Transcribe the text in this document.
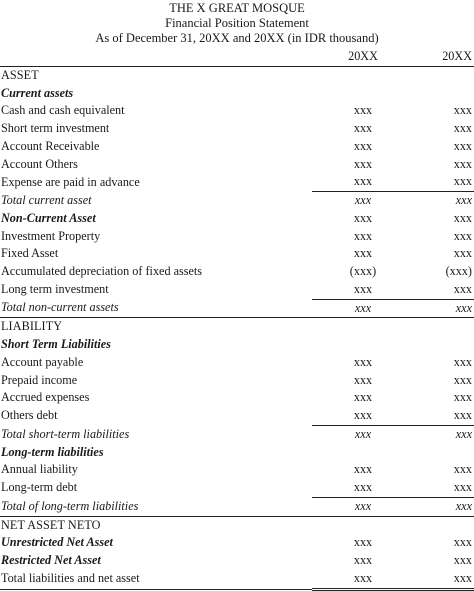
THE X GREAT MOSQUE
Financial Position Statement
As of December 31, 20XX and 20XX (in IDR thousand)
	20XX	20XX
ASSET		
Current assets		
Cash and cash equivalent	xxx	xxx
Short term investment	xxx	xxx
Account Receivable	xxx	xxx
Account Others	xxx	xxx
Expense are paid in advance	xxx	xxx
Total current asset	xxx	xxx
Non-Current Asset	xxx	xxx
Investment Property	xxx	xxx
Fixed Asset	xxx	xxx
Accumulated depreciation of fixed assets	(xxx)	(xxx)
Long term investment	xxx	xxx
Total non-current assets	xxx	xxx
LIABILITY		
Short Term Liabilities		
Account payable	xxx	xxx
Prepaid income	xxx	xxx
Accrued expenses	xxx	xxx
Others debt	xxx	xxx
Total short-term liabilities	xxx	xxx
Long-term liabilities		
Annual liability	xxx	xxx
Long-term debt	xxx	xxx
Total of long-term liabilities	xxx	xxx
NET ASSET NETO		
Unrestricted Net Asset	xxx	xxx
Restricted Net Asset	xxx	xxx
Total liabilities and net asset	xxx	xxx
